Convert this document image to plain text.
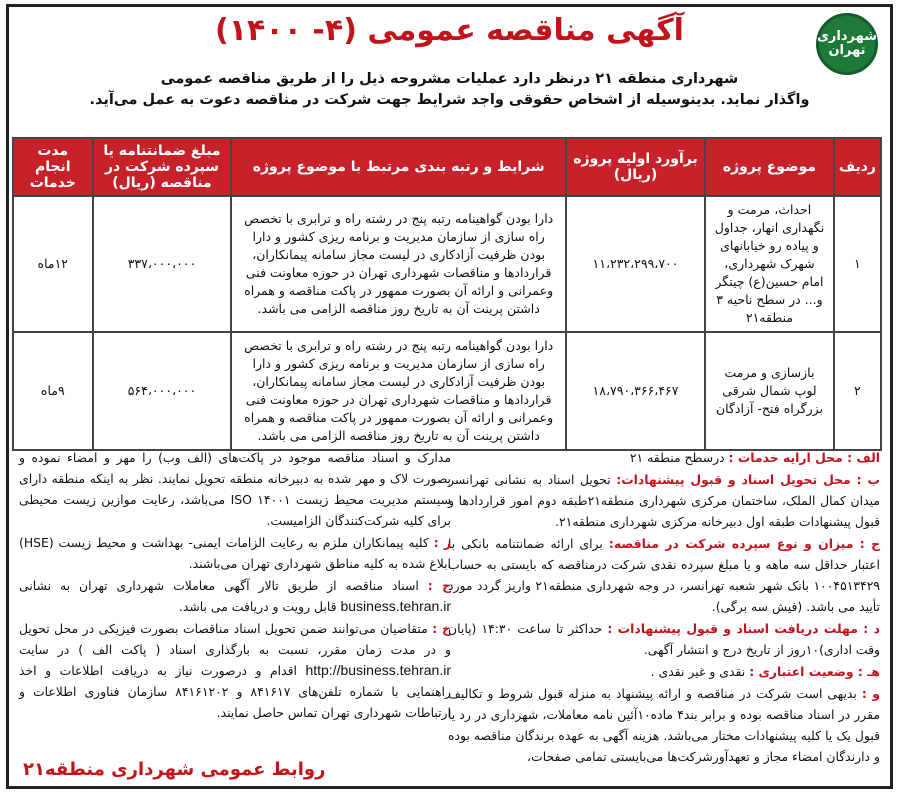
شهرداری
تهران
آگهی مناقصه عمومی (۴- ۱۴۰۰)
شهرداری منطقه ۲۱ درنظر دارد عملیات مشروحه ذیل را از طریق مناقصه عمومی
واگذار نماید. بدینوسیله از اشخاص حقوقی واجد شرایط جهت شرکت در مناقصه دعوت به عمل می‌آید.
ردیف	موضوع پروژه	برآورد اولیه پروژه (ریال)	شرایط و رتبه بندی مرتبط با موضوع پروژه	مبلغ ضمانتنامه یا سپرده شرکت در مناقصه (ریال)	مدت انجام خدمات
۱	احداث، مرمت و نگهداری انهار، جداول و پیاده رو خیابانهای شهرک شهرداری، امام حسین(ع) چیتگر و... در سطح ناحیه ۳ منطقه۲۱	۱۱،۲۳۲،۲۹۹،۷۰۰	دارا بودن گواهینامه رتبه پنج در رشته راه و ترابری با تخصص راه سازی از سازمان مدیریت و برنامه ریزی کشور و دارا بودن ظرفیت آزادکاری در لیست مجاز سامانه پیمانکاران، قراردادها و مناقصات شهرداری تهران در حوزه معاونت فنی وعمرانی و ارائه آن بصورت ممهور در پاکت مناقصه و همراه داشتن پرینت آن به تاریخ روز مناقصه الزامی می باشد.	۳۳۷،۰۰۰،۰۰۰	۱۲ماه
۲	بازسازی و مرمت لوپ شمال شرقی بزرگراه فتح- آزادگان	۱۸،۷۹۰،۳۶۶،۴۶۷	دارا بودن گواهینامه رتبه پنج در رشته راه و ترابری با تخصص راه سازی از سازمان مدیریت و برنامه ریزی کشور و دارا بودن ظرفیت آزادکاری در لیست مجاز سامانه پیمانکاران، قراردادها و مناقصات شهرداری تهران در حوزه معاونت فنی وعمرانی و ارائه آن بصورت ممهور در پاکت مناقصه و همراه داشتن پرینت آن به تاریخ روز مناقصه الزامی می باشد.	۵۶۴،۰۰۰،۰۰۰	۹ماه
الف : محل ارایه خدمات : درسطح منطقه ۲۱
ب : محل تحویل اسناد و قبول پیشنهادات: تحویل اسناد به نشانی تهرانسر میدان کمال الملک، ساختمان مرکزی شهرداری منطقه۲۱طبقه دوم امور قراردادها و قبول پیشنهادات طبقه اول دبیرخانه مرکزی شهرداری منطقه۲۱.
ج : میزان و نوع سپرده شرکت در مناقصه: برای ارائه ضمانتنامه بانکی با اعتبار حداقل سه ماهه و یا مبلغ سپرده نقدی شرکت درمناقصه که بایستی به حساب ۱۰۰۴۵۱۳۴۲۹ بانک شهر شعبه تهرانسر، در وجه شهرداری منطقه۲۱ واریز گردد مورد تأیید می باشد. (فیش سه برگی).
د : مهلت دریافت اسناد و قبول پیشنهادات : حداکثر تا ساعت ۱۴:۳۰ (پایان وقت اداری)۱۰روز از تاریخ درج و انتشار آگهی.
هـ : وضعیت اعتباری : نقدی و غیر نقدی .
و : بدیهی است شرکت در مناقصه و ارائه پیشنهاد به منزله قبول شروط و تکالیف مقرر در اسناد مناقصه بوده و برابر بند۴ ماده۱۰آئین نامه معاملات، شهرداری در رد یا قبول یک یا کلیه پیشنهادات مختار می‌باشد. هزینه آگهی به عهده برندگان مناقصه بوده و دارندگان امضاء مجاز و تعهدآورشرکت‌ها می‌بایستی تمامی صفحات،
مدارک و اسناد مناقصه موجود در پاکت‌های (الف وب) را مهر و امضاء نموده و بصورت لاک و مهر شده به دبیرخانه منطقه تحویل نمایند. نظر به اینکه منطقه دارای سیستم مدیریت محیط زیست ISO ۱۴۰۰۱ می‌باشد، رعایت موازین زیست محیطی برای کلیه شرکت‌کنندگان الزامیست.
ز : کلیه پیمانکاران ملزم به رعایت الزامات ایمنی- بهداشت و محیط زیست (HSE) ابلاغ شده به کلیه مناطق شهرداری تهران می‌باشند.
ح : اسناد مناقصه از طریق تالار آگهی معاملات شهرداری تهران به نشانی business.tehran.ir قابل رویت و دریافت می باشد.
خ : متقاضیان می‌توانند ضمن تحویل اسناد مناقصات بصورت فیزیکی در محل تحویل و در مدت زمان مقرر، نسبت به بارگذاری اسناد ( پاکت الف ) در سایت http://business.tehran.ir اقدام و درصورت نیاز به دریافت اطلاعات و اخذ راهنمایی با شماره تلفن‌های ۸۴۱۶۱۷ و ۸۴۱۶۱۲۰۲ سازمان فناوری اطلاعات و ارتباطات شهرداری تهران تماس حاصل نمایند.
روابط عمومی شهرداری منطقه۲۱
